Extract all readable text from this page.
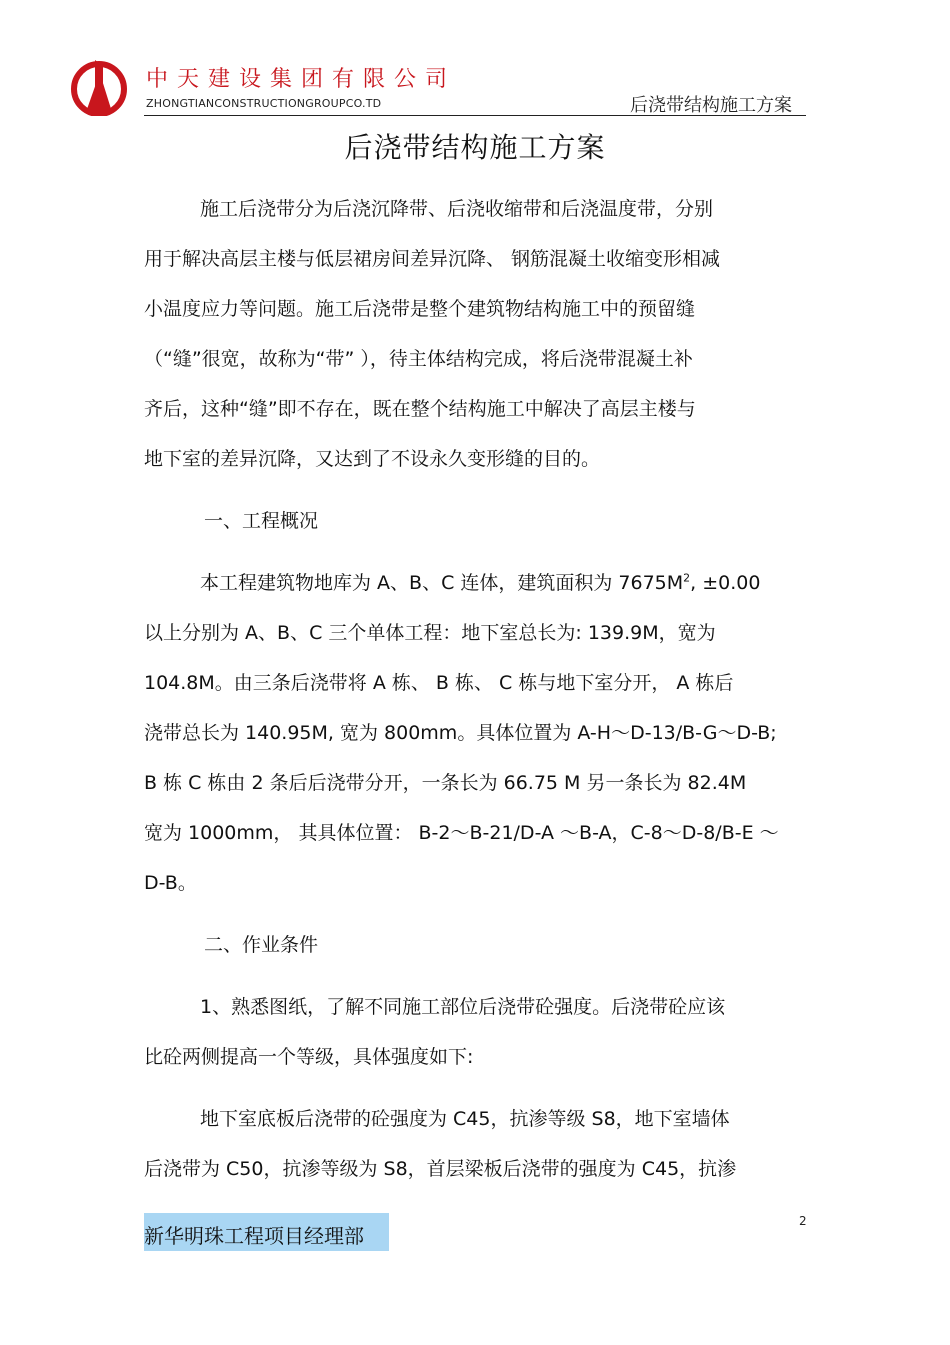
中天建设集团有限公司
ZHONGTIANCONSTRUCTIONGROUPCO.TD	后浇带结构施工方案
后浇带结构施工方案
施工后浇带分为后浇沉降带、后浇收缩带和后浇温度带，分别
用于解决高层主楼与低层裙房间差异沉降、 钢筋混凝土收缩变形相减
小温度应力等问题。施工后浇带是整个建筑物结构施工中的预留缝
（“缝”很宽，故称为“带” ），待主体结构完成，将后浇带混凝土补
齐后，这种“缝”即不存在，既在整个结构施工中解决了高层主楼与
地下室的差异沉降，又达到了不设永久变形缝的目的。
一、工程概况
本工程建筑物地库为 A、B、C 连体，建筑面积为 $7675M^2$, ±0.00
以上分别为 A、B、C 三个单体工程：地下室总长为: 139.9M，宽为
104.8M。由三条后浇带将 A 栋、 B 栋、 C 栋与地下室分开， A 栋后
浇带总长为 140.95M, 宽为 800mm。具体位置为 A-H～D-13/B-G～D-B;
B 栋 C 栋由 2 条后后浇带分开，一条长为 66.75 M 另一条长为 82.4M
宽为 1000mm， 其具体位置： B-2～B-21/D-A ～B-A，C-8～D-8/B-E ～
D-B。
二、作业条件
1、熟悉图纸，了解不同施工部位后浇带砼强度。后浇带砼应该
比砼两侧提高一个等级，具体强度如下:
地下室底板后浇带的砼强度为 C45，抗渗等级 S8，地下室墙体
后浇带为 C50，抗渗等级为 S8，首层梁板后浇带的强度为 C45，抗渗
新华明珠工程项目经理部
2
